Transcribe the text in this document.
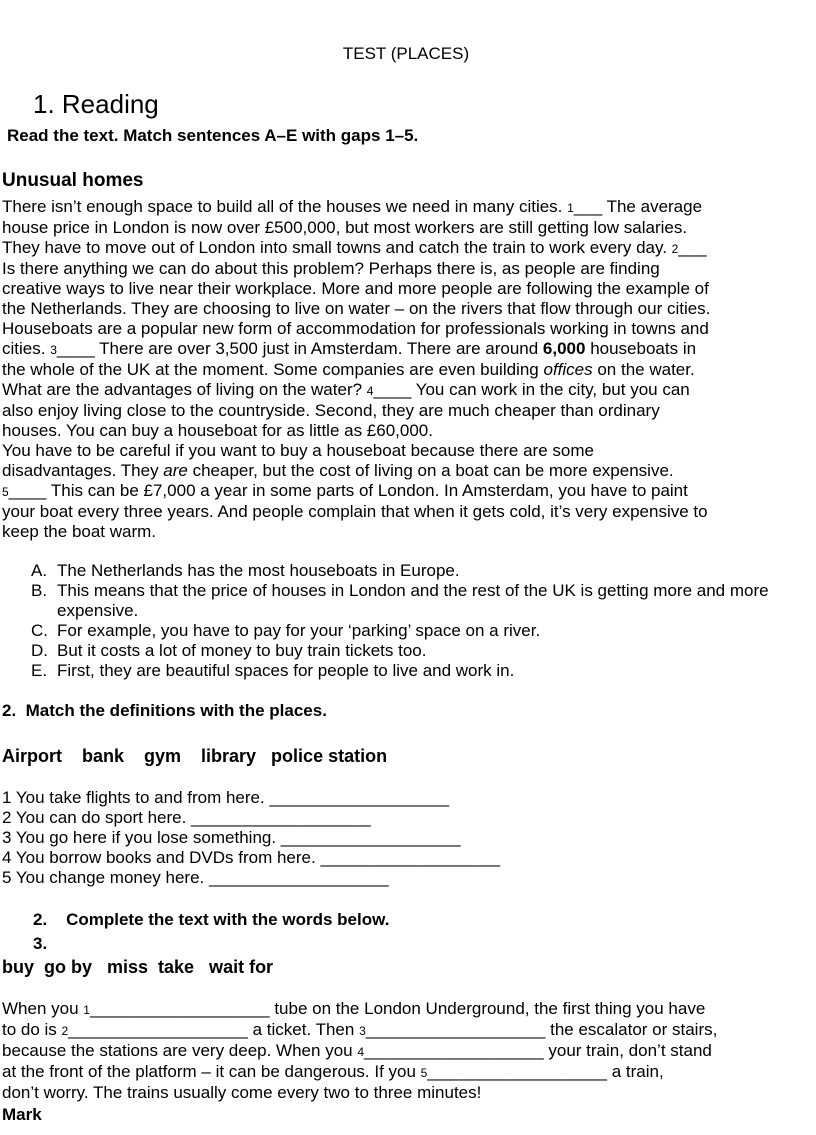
TEST (PLACES)
1. Reading
Read the text. Match sentences A–E with gaps 1–5.
Unusual homes
There isn’t enough space to build all of the houses we need in many cities. 1___ The average
house price in London is now over £500,000, but most workers are still getting low salaries.
They have to move out of London into small towns and catch the train to work every day. 2___
Is there anything we can do about this problem? Perhaps there is, as people are finding
creative ways to live near their workplace. More and more people are following the example of
the Netherlands. They are choosing to live on water – on the rivers that flow through our cities.
Houseboats are a popular new form of accommodation for professionals working in towns and
cities. 3____ There are over 3,500 just in Amsterdam. There are around 6,000 houseboats in
the whole of the UK at the moment. Some companies are even building offices on the water.
What are the advantages of living on the water? 4____ You can work in the city, but you can
also enjoy living close to the countryside. Second, they are much cheaper than ordinary
houses. You can buy a houseboat for as little as £60,000.
You have to be careful if you want to buy a houseboat because there are some
disadvantages. They are cheaper, but the cost of living on a boat can be more expensive.
5____ This can be £7,000 a year in some parts of London. In Amsterdam, you have to paint
your boat every three years. And people complain that when it gets cold, it’s very expensive to
keep the boat warm.
A. The Netherlands has the most houseboats in Europe.
B. This means that the price of houses in London and the rest of the UK is getting more and more expensive.
C. For example, you have to pay for your ‘parking’ space on a river.
D. But it costs a lot of money to buy train tickets too.
E. First, they are beautiful spaces for people to live and work in.
2.  Match the definitions with the places.
Airport    bank    gym    library   police station
1 You take flights to and from here. ___________________
2 You can do sport here. ___________________
3 You go here if you lose something. ___________________
4 You borrow books and DVDs from here. ___________________
5 You change money here. ___________________
2.    Complete the text with the words below.
3.
buy  go by   miss  take   wait for
When you 1___________________ tube on the London Underground, the first thing you have
to do is 2___________________ a ticket. Then 3___________________ the escalator or stairs,
because the stations are very deep. When you 4___________________ your train, don’t stand
at the front of the platform – it can be dangerous. If you 5___________________ a train,
don’t worry. The trains usually come every two to three minutes!
Mark
